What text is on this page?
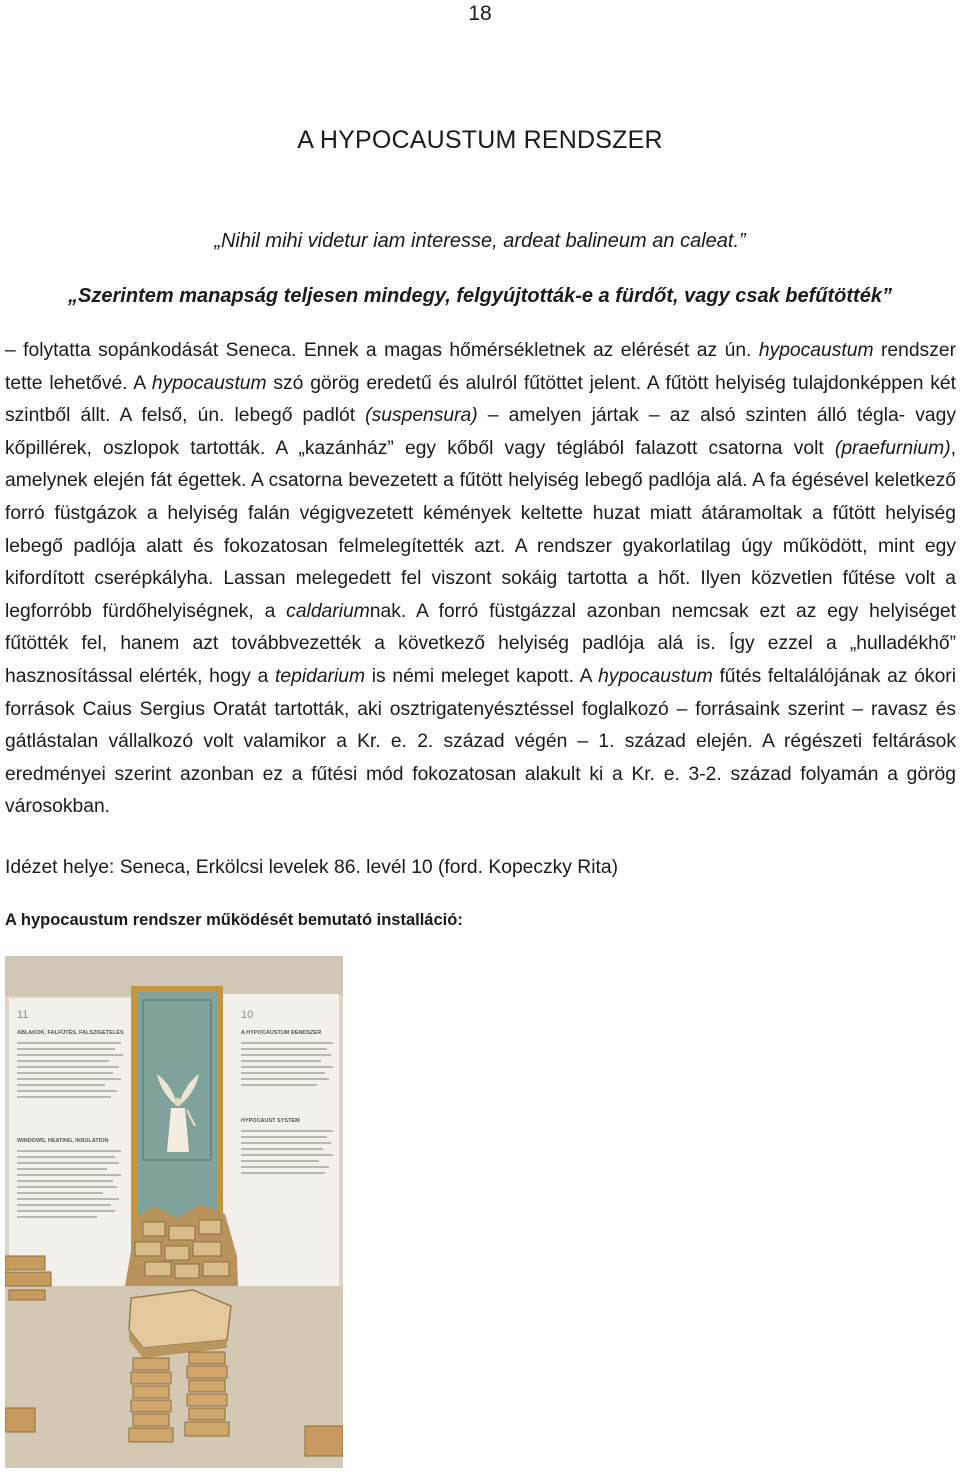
18
A HYPOCAUSTUM RENDSZER
„Nihil mihi videtur iam interesse, ardeat balineum an caleat.”
„Szerintem manapság teljesen mindegy, felgyújtották-e a fürdőt, vagy csak befűtötték”

– folytatta sopánkodását Seneca. Ennek a magas hőmérsékletnek az elérését az ún. hypocaustum rendszer tette lehetővé. A hypocaustum szó görög eredetű és alulról fűtöttet jelent. A fűtött helyiség tulajdonképpen két szintből állt. A felső, ún. lebegő padlót (suspensura) – amelyen jártak – az alsó szinten álló tégla- vagy kőpillérek, oszlopok tartották. A „kazánház” egy kőből vagy téglából falazott csatorna volt (praefurnium), amelynek elején fát égettek. A csatorna bevezetett a fűtött helyiség lebegő padlója alá. A fa égésével keletkező forró füstgázok a helyiség falán végigvezetett kémények keltette huzat miatt átáramoltak a fűtött helyiség lebegő padlója alatt és fokozatosan felmelegítették azt. A rendszer gyakorlatilag úgy működött, mint egy kifordított cserépkályha. Lassan melegedett fel viszont sokáig tartotta a hőt. Ilyen közvetlen fűtése volt a legforróbb fürdőhelyiségnek, a caldariumnak. A forró füstgázzal azonban nemcsak ezt az egy helyiséget fűtötték fel, hanem azt továbbvezették a következő helyiség padlója alá is. Így ezzel a „hulladékhő” hasznosítással elérték, hogy a tepidarium is némi meleget kapott. A hypocaustum fűtés feltalálójának az ókori források Caius Sergius Oratát tartották, aki osztrigatenyésztéssel foglalkozó – forrásaink szerint – ravasz és gátlástalan vállalkozó volt valamikor a Kr. e. 2. század végén – 1. század elején. A régészeti feltárások eredményei szerint azonban ez a fűtési mód fokozatosan alakult ki a Kr. e. 3-2. század folyamán a görög városokban.

Idézet helye: Seneca, Erkölcsi levelek 86. levél 10 (ford. Kopeczky Rita)

A hypocaustum rendszer működését bemutató installáció:

11
ABLAKOK, FALFŰTÉS, FALSZIGETELÉS
WINDOWS, HEATING, INSULATION
10
A HYPOCAUSTUM RENDSZER
HYPOCAUST SYSTEM
